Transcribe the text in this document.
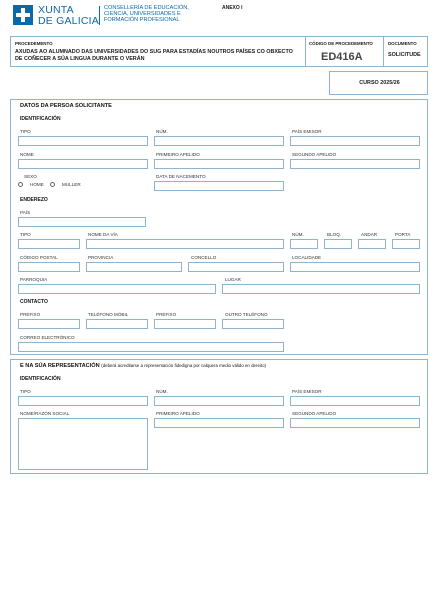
XUNTA
DE GALICIA
CONSELLERÍA DE EDUCACIÓN,
CIENCIA, UNIVERSIDADES E
FORMACIÓN PROFESIONAL
ANEXO I
PROCEDEMENTO
AXUDAS AO ALUMNADO DAS UNIVERSIDADES DO SUG PARA ESTADÍAS NOUTROS PAÍSES CO OBXECTO DE COÑECER A SÚA LINGUA DURANTE O VERÁN
CÓDIGO DE PROCEDEMENTO
ED416A
DOCUMENTO
SOLICITUDE
CURSO 2025/26
DATOS DA PERSOA SOLICITANTE
IDENTIFICACIÓN
TIPO	NÚM.	PAÍS EMISOR
NOME	PRIMEIRO APELIDO	SEGUNDO APELIDO
SEXO
HOME	MULLER
DATA DE NACEMENTO
ENDEREZO
PAÍS
TIPO	NOME DA VÍA	NÚM.	BLOQ.	ANDAR	PORTA
CÓDIGO POSTAL	PROVINCIA	CONCELLO	LOCALIDADE
PARROQUIA	LUGAR
CONTACTO
PREFIXO	TELÉFONO MÓBIL	PREFIXO	OUTRO TELÉFONO
CORREO ELECTRÓNICO
E NA SÚA REPRESENTACIÓN (deberá acreditarse a representación fidedigna por calquera medio válido en dereito)
IDENTIFICACIÓN
TIPO	NÚM.	PAÍS EMISOR
NOME/RAZÓN SOCIAL	PRIMEIRO APELIDO	SEGUNDO APELIDO
